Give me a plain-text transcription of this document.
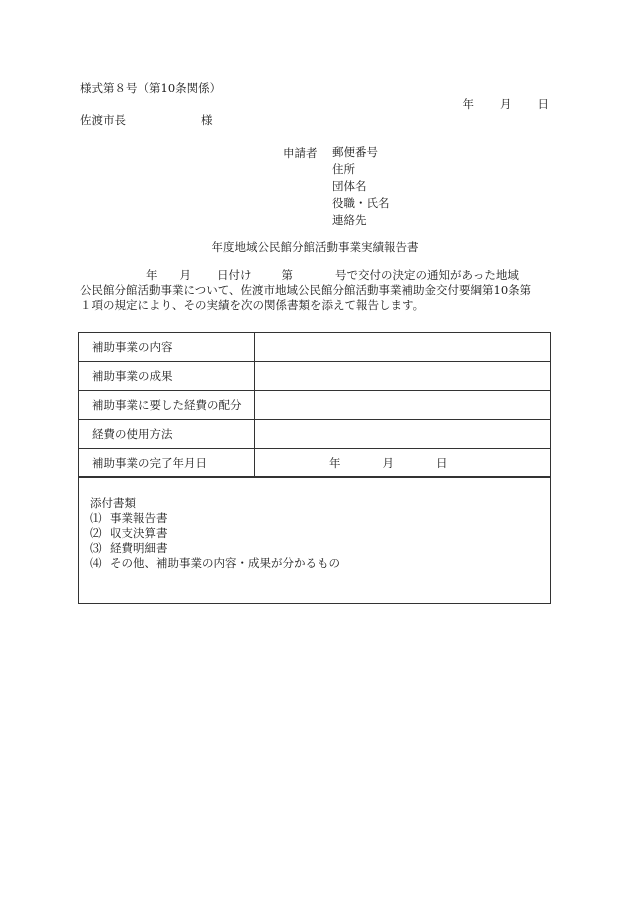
様式第８号（第10条関係）
年 月 日
佐渡市長	様
申請者 郵便番号
住所
団体名
役職・氏名
連絡先
年度地域公民館分館活動事業実績報告書
年 月 日付け	第	号で交付の決定の通知があった地域
公民館分館活動事業について、佐渡市地域公民館分館活動事業補助金交付要綱第10条第
１項の規定により、その実績を次の関係書類を添えて報告します。
補助事業の内容	
補助事業の成果	
補助事業に要した経費の配分	
経費の使用方法	
補助事業の完了年月日	年 月 日
添付書類
⑴ 事業報告書
⑵ 収支決算書
⑶ 経費明細書
⑷ その他、補助事業の内容・成果が分かるもの
